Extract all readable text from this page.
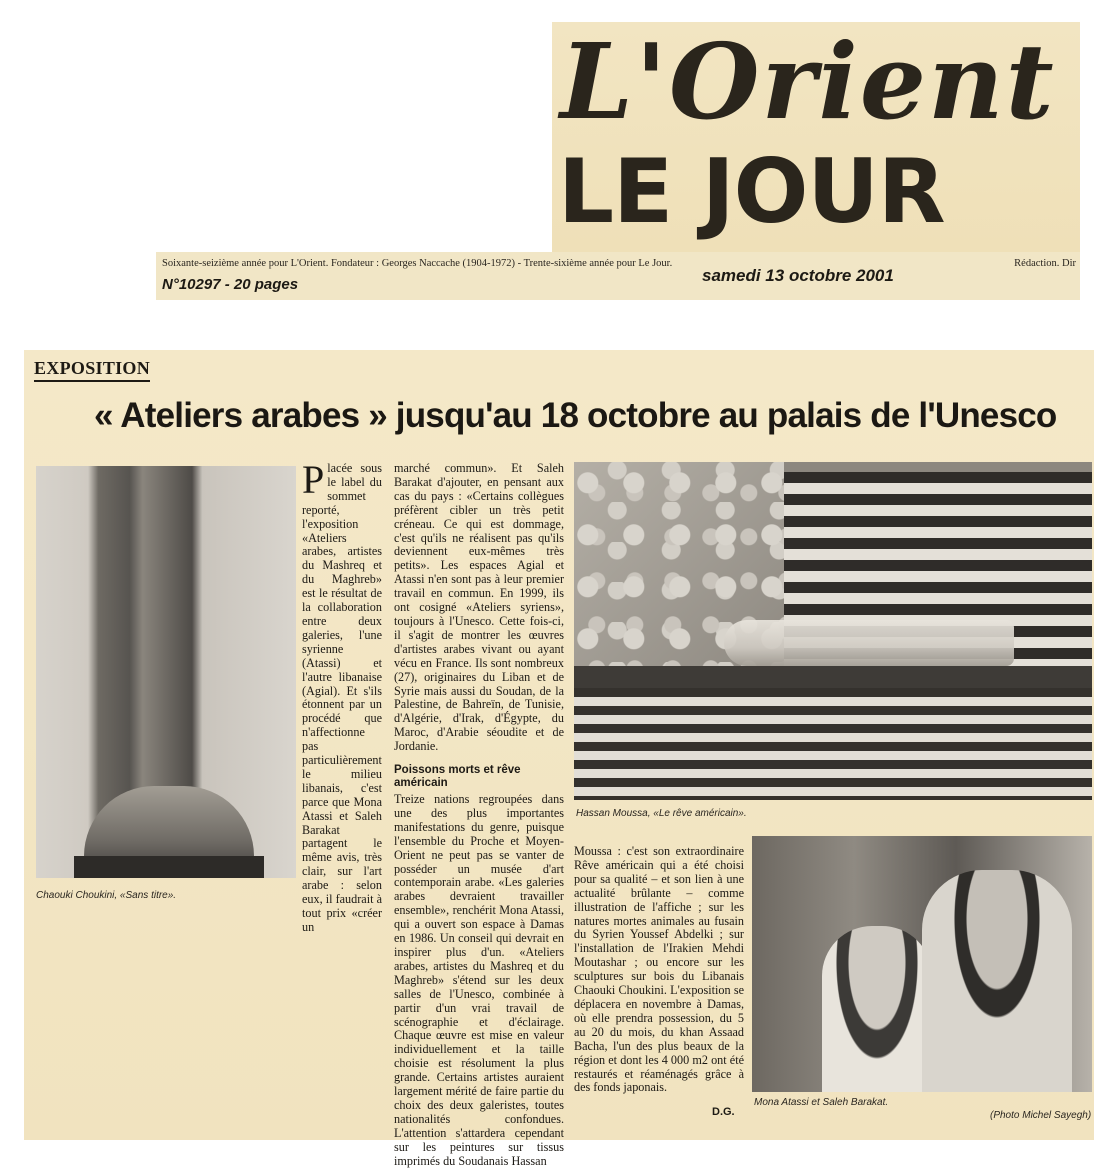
L'Orient
LE JOUR
Soixante-seizième année pour L'Orient. Fondateur : Georges Naccache (1904-1972) - Trente-sixième année pour Le Jour.	Rédaction. Dir
N°10297 - 20 pages	samedi 13 octobre 2001
EXPOSITION
« Ateliers arabes » jusqu'au 18 octobre au palais de l'Unesco
Chaouki Choukini, «Sans titre».
Placée sous le label du sommet reporté, l'exposition «Ateliers arabes, artistes du Mashreq et du Maghreb» est le résultat de la collaboration entre deux galeries, l'une syrienne (Atassi) et l'autre libanaise (Agial). Et s'ils étonnent par un procédé que n'affectionne pas particulièrement le milieu libanais, c'est parce que Mona Atassi et Saleh Barakat partagent le même avis, très clair, sur l'art arabe : selon eux, il faudrait à tout prix «créer un
marché commun». Et Saleh Barakat d'ajouter, en pensant aux cas du pays : «Certains collègues préfèrent cibler un très petit créneau. Ce qui est dommage, c'est qu'ils ne réalisent pas qu'ils deviennent eux-mêmes très petits». Les espaces Agial et Atassi n'en sont pas à leur premier travail en commun. En 1999, ils ont cosigné «Ateliers syriens», toujours à l'Unesco. Cette fois-ci, il s'agit de montrer les œuvres d'artistes arabes vivant ou ayant vécu en France. Ils sont nombreux (27), originaires du Liban et de Syrie mais aussi du Soudan, de la Palestine, de Bahreïn, de Tunisie, d'Algérie, d'Irak, d'Égypte, du Maroc, d'Arabie séoudite et de Jordanie.
Poissons morts et rêve américain
Treize nations regroupées dans une des plus importantes manifestations du genre, puisque l'ensemble du Proche et Moyen-Orient ne peut pas se vanter de posséder un musée d'art contemporain arabe. «Les galeries arabes devraient travailler ensemble», renchérit Mona Atassi, qui a ouvert son espace à Damas en 1986. Un conseil qui devrait en inspirer plus d'un. «Ateliers arabes, artistes du Mashreq et du Maghreb» s'étend sur les deux salles de l'Unesco, combinée à partir d'un vrai travail de scénographie et d'éclairage. Chaque œuvre est mise en valeur individuellement et la taille choisie est résolument la plus grande. Certains artistes auraient largement mérité de faire partie du choix des deux galeristes, toutes nationalités confondues. L'attention s'attardera cependant sur les peintures sur tissus imprimés du Soudanais Hassan
Hassan Moussa, «Le rêve américain».
Moussa : c'est son extraordinaire Rêve américain qui a été choisi pour sa qualité – et son lien à une actualité brûlante – comme illustration de l'affiche ; sur les natures mortes animales au fusain du Syrien Youssef Abdelki ; sur l'installation de l'Irakien Mehdi Moutashar ; ou encore sur les sculptures sur bois du Libanais Chaouki Choukini. L'exposition se déplacera en novembre à Damas, où elle prendra possession, du 5 au 20 du mois, du khan Assaad Bacha, l'un des plus beaux de la région et dont les 4 000 m2 ont été restaurés et réaménagés grâce à des fonds japonais.
D.G.
Mona Atassi et Saleh Barakat.
(Photo Michel Sayegh)
